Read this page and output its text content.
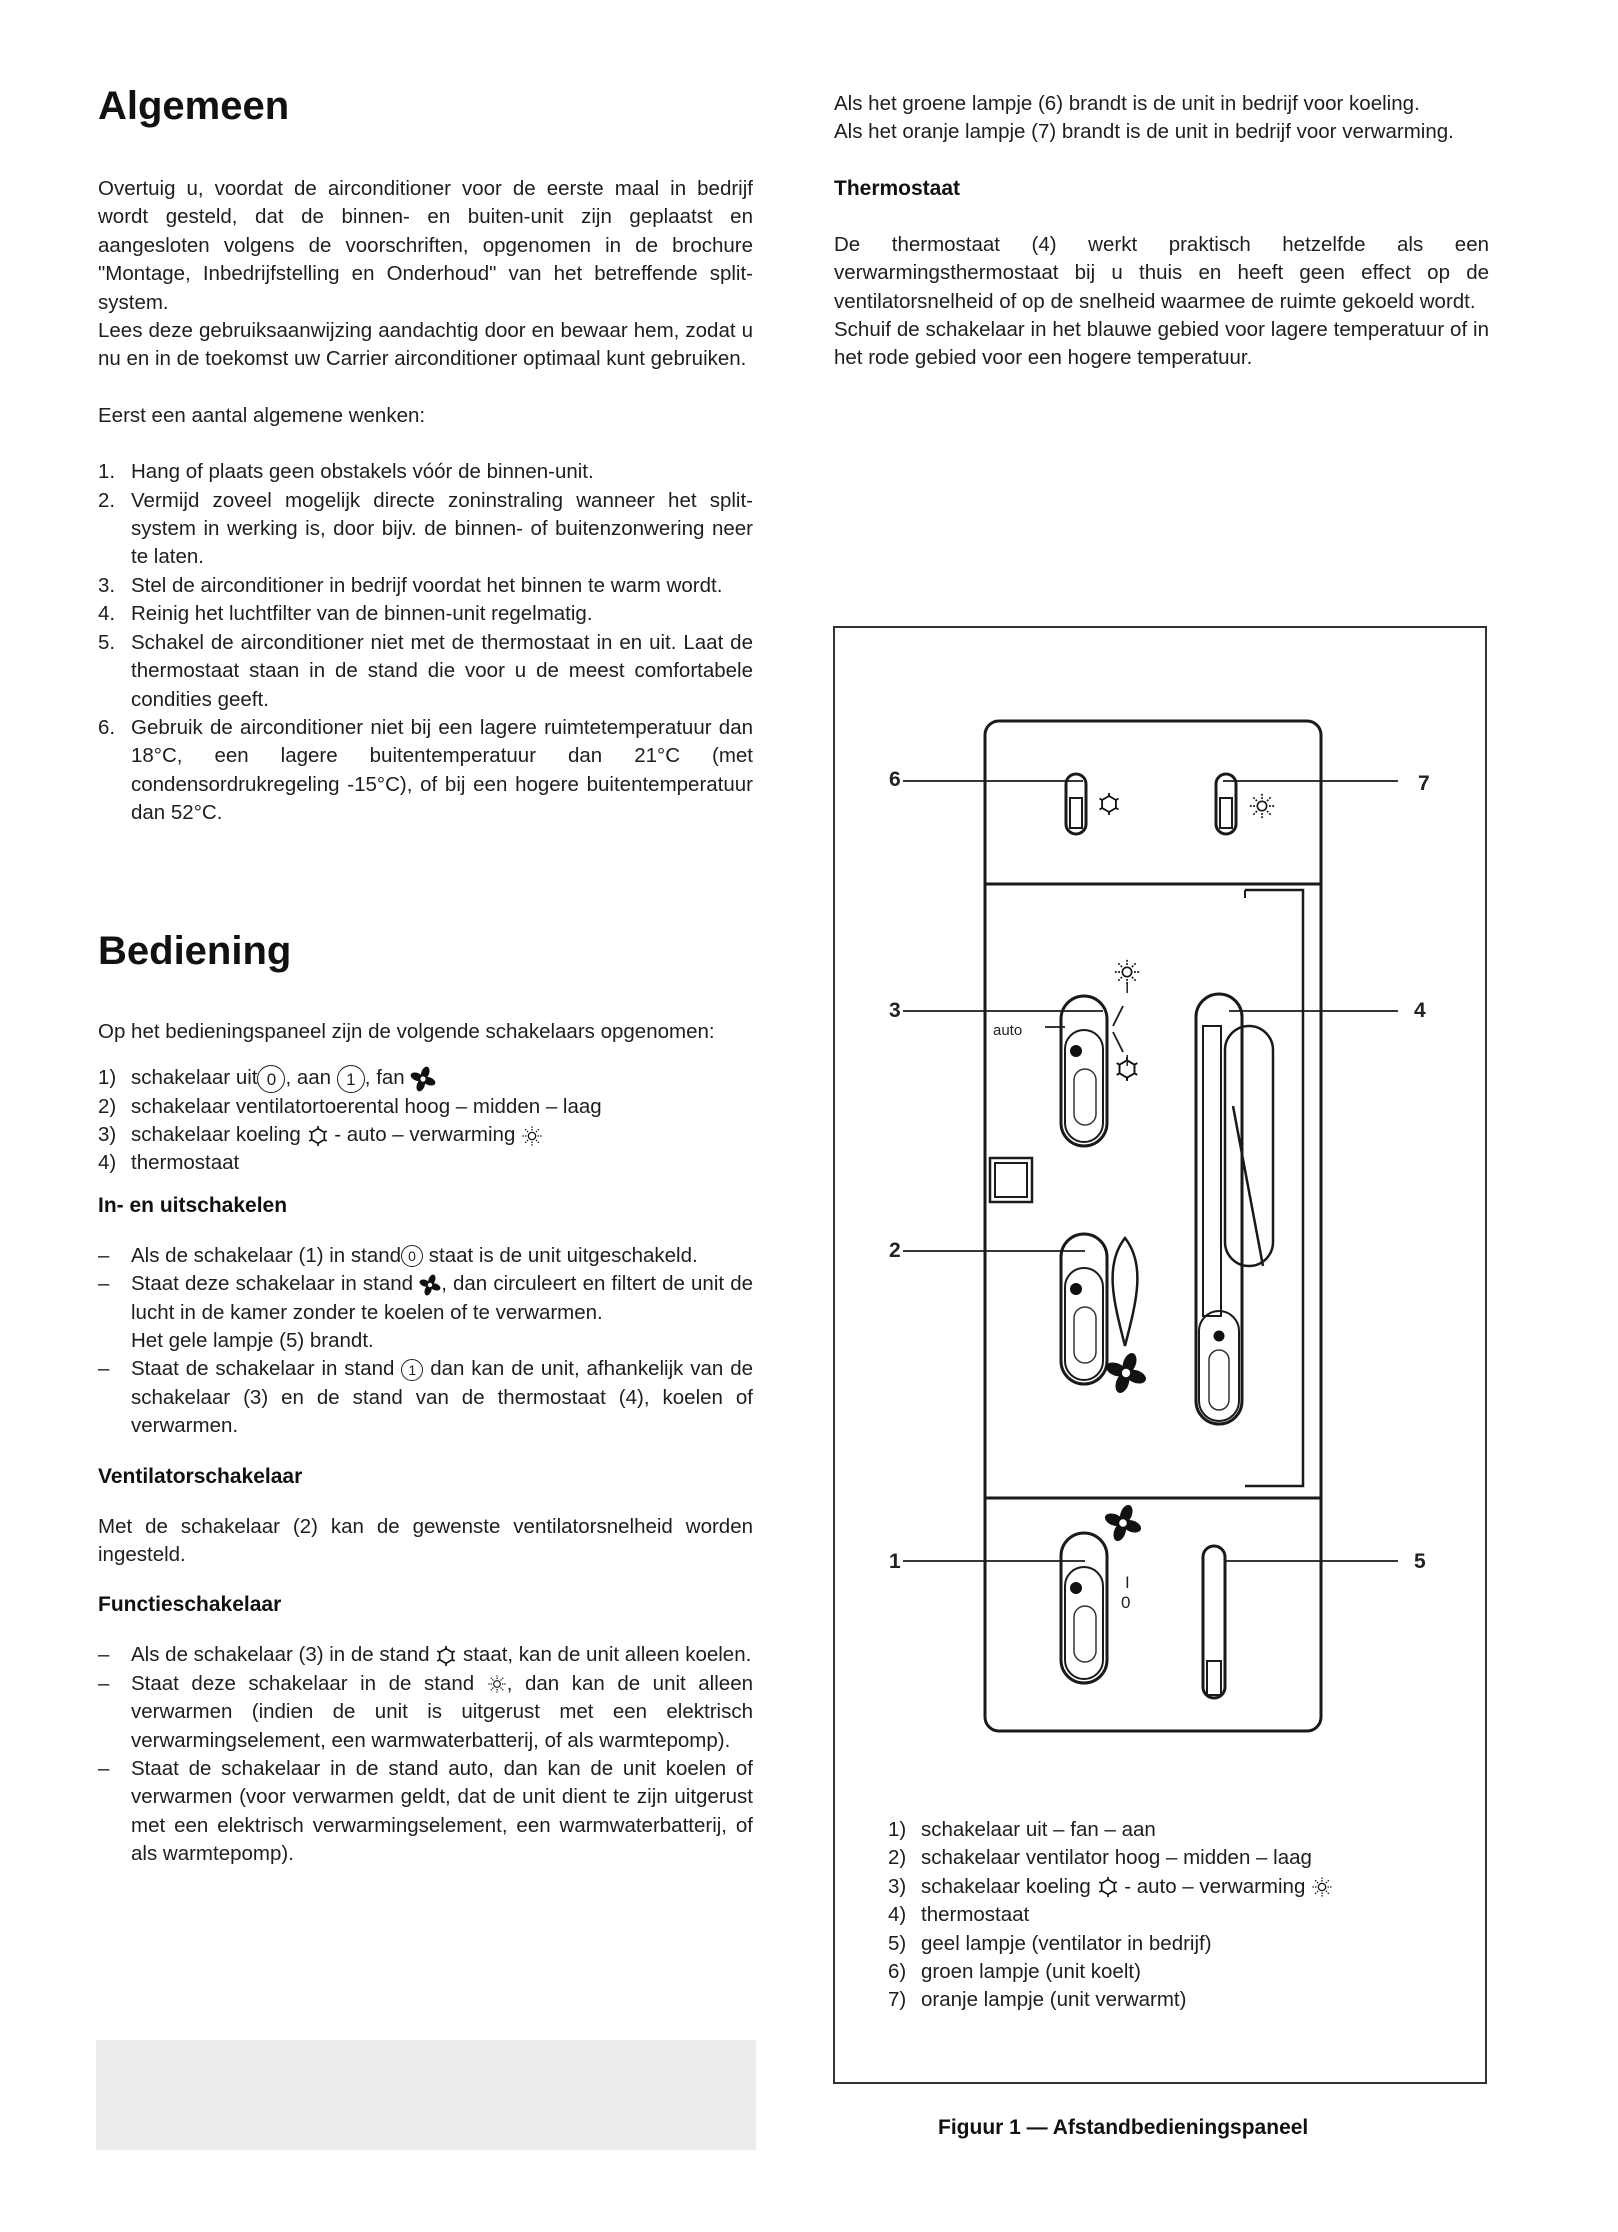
Algemeen

Overtuig u, voordat de airconditioner voor de eerste maal in bedrijf wordt gesteld, dat de binnen- en buiten-unit zijn geplaatst en aangesloten volgens de voorschriften, opgenomen in de brochure "Montage, Inbedrijfstelling en Onderhoud" van het betreffende split-system.

Lees deze gebruiksaanwijzing aandachtig door en bewaar hem, zodat u nu en in de toekomst uw Carrier airconditioner optimaal kunt gebruiken.

Eerst een aantal algemene wenken:

1. Hang of plaats geen obstakels vóór de binnen-unit.
2. Vermijd zoveel mogelijk directe zoninstraling wanneer het split-system in werking is, door bijv. de binnen- of buitenzonwering neer te laten.
3. Stel de airconditioner in bedrijf voordat het binnen te warm wordt.
4. Reinig het luchtfilter van de binnen-unit regelmatig.
5. Schakel de airconditioner niet met de thermostaat in en uit. Laat de thermostaat staan in de stand die voor u de meest comfortabele condities geeft.
6. Gebruik de airconditioner niet bij een lagere ruimtetemperatuur dan 18°C, een lagere buitentemperatuur dan 21°C (met condensordrukregeling -15°C), of bij een hogere buitentemperatuur dan 52°C.
Bediening

Op het bedieningspaneel zijn de volgende schakelaars opgenomen:

1) schakelaar uit 0 , aan 1 , fan
2) schakelaar ventilatortoerental hoog – midden – laag
3) schakelaar koeling  - auto – verwarming
4) thermostaat
In- en uitschakelen
– Als de schakelaar (1) in stand 0 staat is de unit uitgeschakeld.
– Staat deze schakelaar in stand , dan circuleert en filtert de unit de lucht in de kamer zonder te koelen of te verwarmen.
Het gele lampje (5) brandt.
– Staat de schakelaar in stand 1 dan kan de unit, afhankelijk van de schakelaar (3) en de stand van de thermostaat (4), koelen of verwarmen.
Ventilatorschakelaar

Met de schakelaar (2) kan de gewenste ventilatorsnelheid worden ingesteld.

Functieschakelaar
– Als de schakelaar (3) in de stand staat, kan de unit alleen koelen.
– Staat deze schakelaar in de stand , dan kan de unit alleen verwarmen (indien de unit is uitgerust met een elektrisch verwarmingselement, een warmwaterbatterij, of als warmtepomp).
– Staat de schakelaar in de stand auto, dan kan de unit koelen of verwarmen (voor verwarmen geldt, dat de unit dient te zijn uitgerust met een elektrisch verwarmingselement, een warmwaterbatterij, of als warmtepomp).

Als het groene lampje (6) brandt is de unit in bedrijf voor koeling.

Als het oranje lampje (7) brandt is de unit in bedrijf voor verwarming.

Thermostaat

De thermostaat (4) werkt praktisch hetzelfde als een verwarmingsthermostaat bij u thuis en heeft geen effect op de ventilatorsnelheid of op de snelheid waarmee de ruimte gekoeld wordt.

Schuif de schakelaar in het blauwe gebied voor lagere temperatuur of in het rode gebied voor een hogere temperatuur.

auto
I
I
I
0
6	7
3	4
2
1	5
1) schakelaar uit – fan – aan
2) schakelaar ventilator hoog – midden – laag
3) schakelaar koeling  - auto – verwarming
4) thermostaat
5) geel lampje (ventilator in bedrijf)
6) groen lampje (unit koelt)
7) oranje lampje (unit verwarmt)
Figuur 1 — Afstandbedieningspaneel
